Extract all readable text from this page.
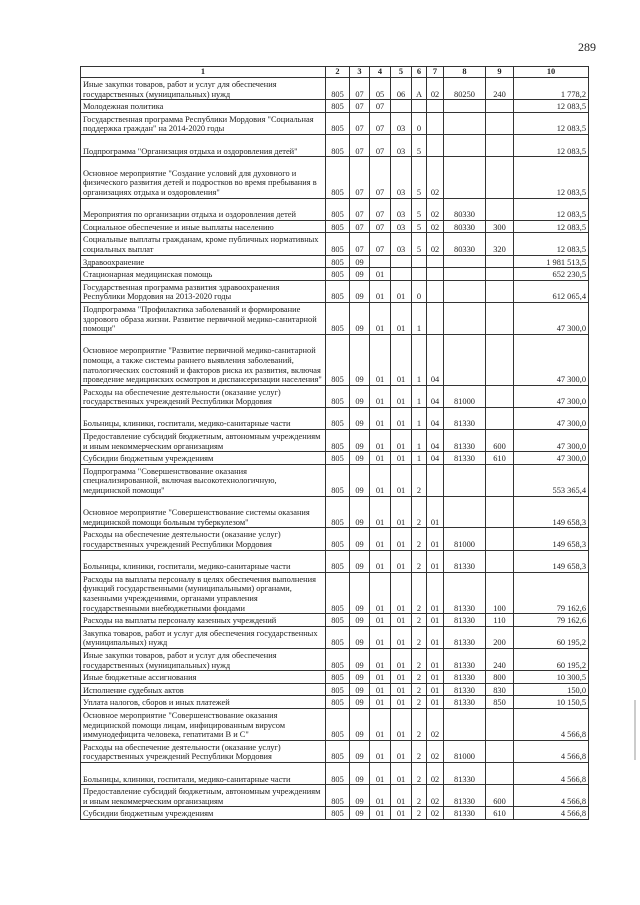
289
1	2	3	4	5	6	7	8	9	10
Иные закупки товаров, работ и услуг для обеспечения государственных (муниципальных) нужд	805	07	05	06	А	02	80250	240	1 778,2
Молодежная политика	805	07	07						12 083,5
Государственная программа Республики Мордовия "Социальная поддержка граждан" на 2014-2020 годы	805	07	07	03	0				12 083,5
Подпрограмма "Организация отдыха и оздоровления детей"	805	07	07	03	5				12 083,5
Основное мероприятие "Создание условий для духовного и физического развития детей и подростков во время пребывания в организациях отдыха и оздоровления"	805	07	07	03	5	02			12 083,5
Мероприятия по организации отдыха и оздоровления детей	805	07	07	03	5	02	80330		12 083,5
Социальное обеспечение и иные выплаты населению	805	07	07	03	5	02	80330	300	12 083,5
Социальные выплаты гражданам, кроме публичных нормативных социальных выплат	805	07	07	03	5	02	80330	320	12 083,5
Здравоохранение	805	09							1 981 513,5
Стационарная медицинская помощь	805	09	01						652 230,5
Государственная программа развития здравоохранения Республики Мордовия на 2013-2020 годы	805	09	01	01	0				612 065,4
Подпрограмма "Профилактика заболеваний и формирование здорового образа жизни. Развитие первичной медико-санитарной помощи"	805	09	01	01	1				47 300,0
Основное мероприятие "Развитие первичной медико-санитарной помощи, а также системы раннего выявления заболеваний, патологических состояний и факторов риска их развития, включая проведение медицинских осмотров и диспансеризации населения"	805	09	01	01	1	04			47 300,0
Расходы на обеспечение деятельности (оказание услуг) государственных учреждений Республики Мордовия	805	09	01	01	1	04	81000		47 300,0
Больницы, клиники, госпитали, медико-санитарные части	805	09	01	01	1	04	81330		47 300,0
Предоставление субсидий бюджетным, автономным учреждениям и иным некоммерческим организациям	805	09	01	01	1	04	81330	600	47 300,0
Субсидии бюджетным учреждениям	805	09	01	01	1	04	81330	610	47 300,0
Подпрограмма "Совершенствование оказания специализированной, включая высокотехнологичную, медицинской помощи"	805	09	01	01	2				553 365,4
Основное мероприятие "Совершенствование системы оказания медицинской помощи больным туберкулезом"	805	09	01	01	2	01			149 658,3
Расходы на обеспечение деятельности (оказание услуг) государственных учреждений Республики Мордовия	805	09	01	01	2	01	81000		149 658,3
Больницы, клиники, госпитали, медико-санитарные части	805	09	01	01	2	01	81330		149 658,3
Расходы на выплаты персоналу в целях обеспечения выполнения функций государственными (муниципальными) органами, казенными учреждениями, органами управления государственными внебюджетными фондами	805	09	01	01	2	01	81330	100	79 162,6
Расходы на выплаты персоналу казенных учреждений	805	09	01	01	2	01	81330	110	79 162,6
Закупка товаров, работ и услуг для обеспечения государственных (муниципальных) нужд	805	09	01	01	2	01	81330	200	60 195,2
Иные закупки товаров, работ и услуг для обеспечения государственных (муниципальных) нужд	805	09	01	01	2	01	81330	240	60 195,2
Иные бюджетные ассигнования	805	09	01	01	2	01	81330	800	10 300,5
Исполнение судебных актов	805	09	01	01	2	01	81330	830	150,0
Уплата налогов, сборов и иных платежей	805	09	01	01	2	01	81330	850	10 150,5
Основное мероприятие "Совершенствование оказания медицинской помощи лицам, инфицированным вирусом иммунодефицита человека, гепатитами В и С"	805	09	01	01	2	02			4 566,8
Расходы на обеспечение деятельности (оказание услуг) государственных учреждений Республики Мордовия	805	09	01	01	2	02	81000		4 566,8
Больницы, клиники, госпитали, медико-санитарные части	805	09	01	01	2	02	81330		4 566,8
Предоставление субсидий бюджетным, автономным учреждениям и иным некоммерческим организациям	805	09	01	01	2	02	81330	600	4 566,8
Субсидии бюджетным учреждениям	805	09	01	01	2	02	81330	610	4 566,8
